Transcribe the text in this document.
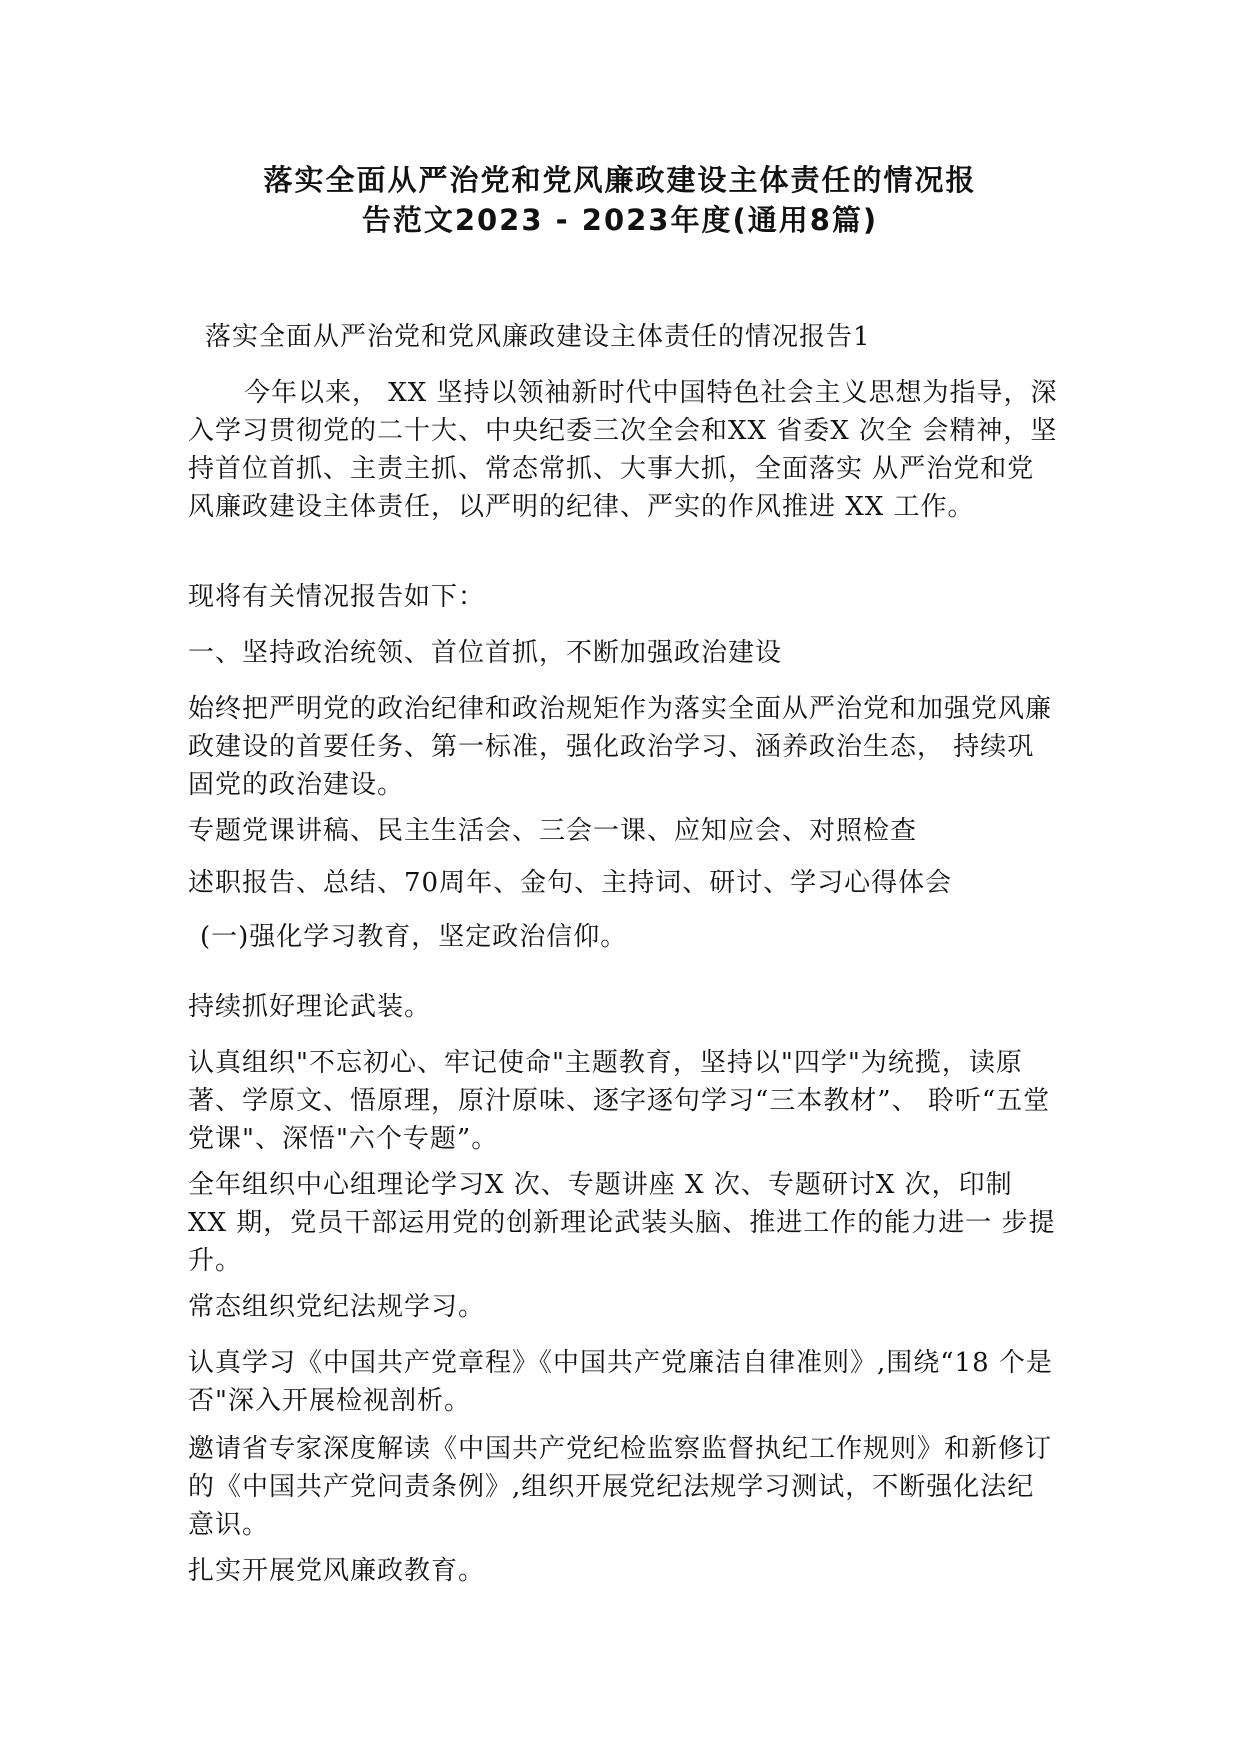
落实全面从严治党和党风廉政建设主体责任的情况报
告范文2023 - 2023年度(通用8篇)

落实全面从严治党和党风廉政建设主体责任的情况报告1

今年以来， XX 坚持以领袖新时代中国特色社会主义思想为指导，深入学习贯彻党的二十大、中央纪委三次全会和XX 省委X 次全 会精神，坚持首位首抓、主责主抓、常态常抓、大事大抓，全面落实 从严治党和党风廉政建设主体责任，以严明的纪律、严实的作风推进 XX 工作。

现将有关情况报告如下：

一、坚持政治统领、首位首抓，不断加强政治建设

始终把严明党的政治纪律和政治规矩作为落实全面从严治党和加强党风廉政建设的首要任务、第一标准，强化政治学习、涵养政治生态， 持续巩固党的政治建设。

专题党课讲稿、民主生活会、三会一课、应知应会、对照检查

述职报告、总结、70周年、金句、主持词、研讨、学习心得体会

(一)强化学习教育，坚定政治信仰。

持续抓好理论武装。

认真组织"不忘初心、牢记使命"主题教育，坚持以"四学"为统揽，读原著、学原文、悟原理，原汁原味、逐字逐句学习“三本教材”、 聆听“五堂党课"、深悟"六个专题”。

全年组织中心组理论学习X 次、专题讲座 X 次、专题研讨X 次，印制 XX 期，党员干部运用党的创新理论武装头脑、推进工作的能力进一 步提升。

常态组织党纪法规学习。

认真学习《中国共产党章程》《中国共产党廉洁自律准则》,围绕“18 个是否"深入开展检视剖析。

邀请省专家深度解读《中国共产党纪检监察监督执纪工作规则》和新修订的《中国共产党问责条例》,组织开展党纪法规学习测试，不断强化法纪意识。

扎实开展党风廉政教育。
